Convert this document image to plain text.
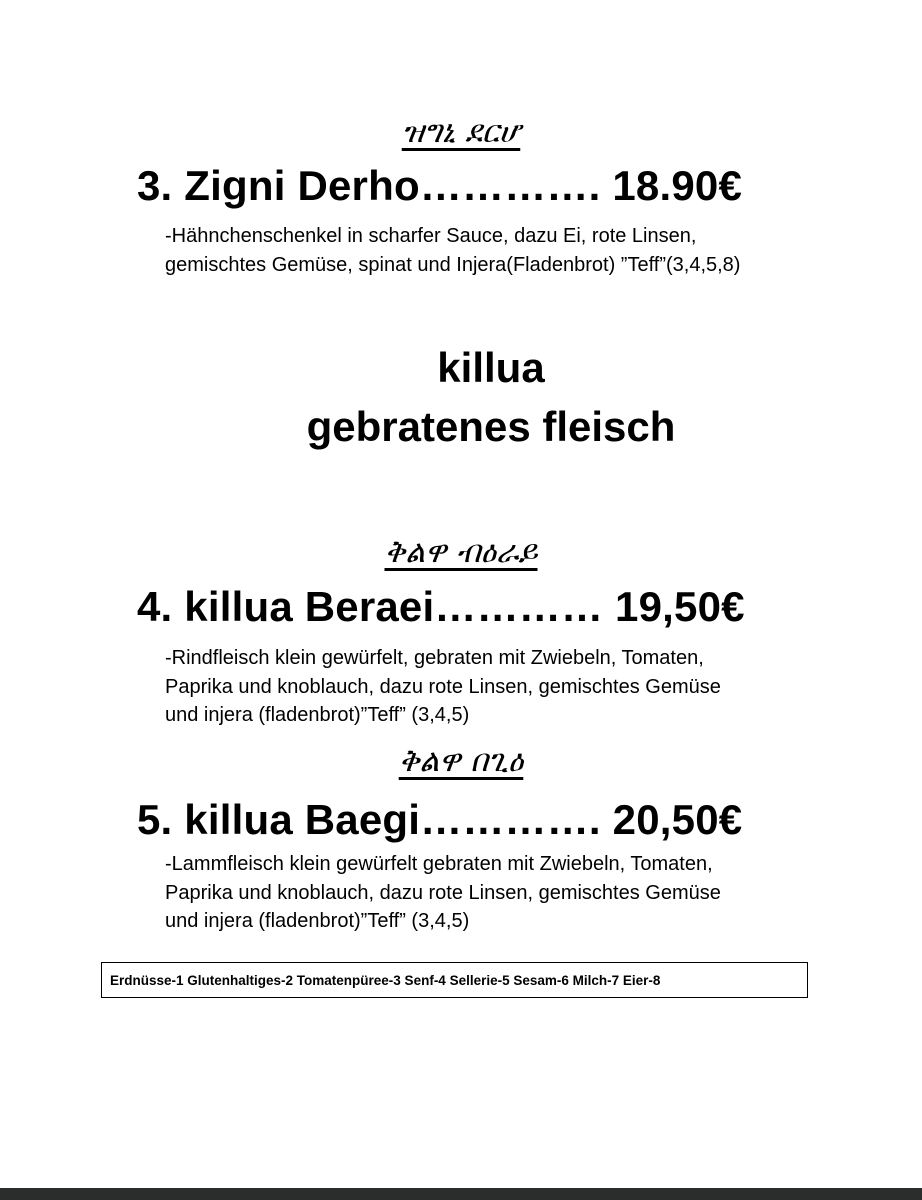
ዝግኒ ደርሆ
3. Zigni Derho…………. 18.90€
-Hähnchenschenkel in scharfer Sauce, dazu Ei, rote Linsen,
gemischtes Gemüse, spinat und Injera(Fladenbrot) ”Teff”(3,4,5,8)
killua
gebratenes fleisch
ቅልዋ ብዕራይ
4. killua Beraei………… 19,50€
-Rindfleisch klein gewürfelt, gebraten mit Zwiebeln, Tomaten,
Paprika und knoblauch, dazu rote Linsen, gemischtes Gemüse
und injera (fladenbrot)”Teff” (3,4,5)
ቅልዋ በጊዕ
5. killua Baegi…………. 20,50€
-Lammfleisch klein gewürfelt gebraten mit Zwiebeln, Tomaten,
Paprika und knoblauch, dazu rote Linsen, gemischtes Gemüse
und injera (fladenbrot)”Teff” (3,4,5)
Erdnüsse-1 Glutenhaltiges-2 Tomatenpüree-3 Senf-4 Sellerie-5 Sesam-6 Milch-7 Eier-8
